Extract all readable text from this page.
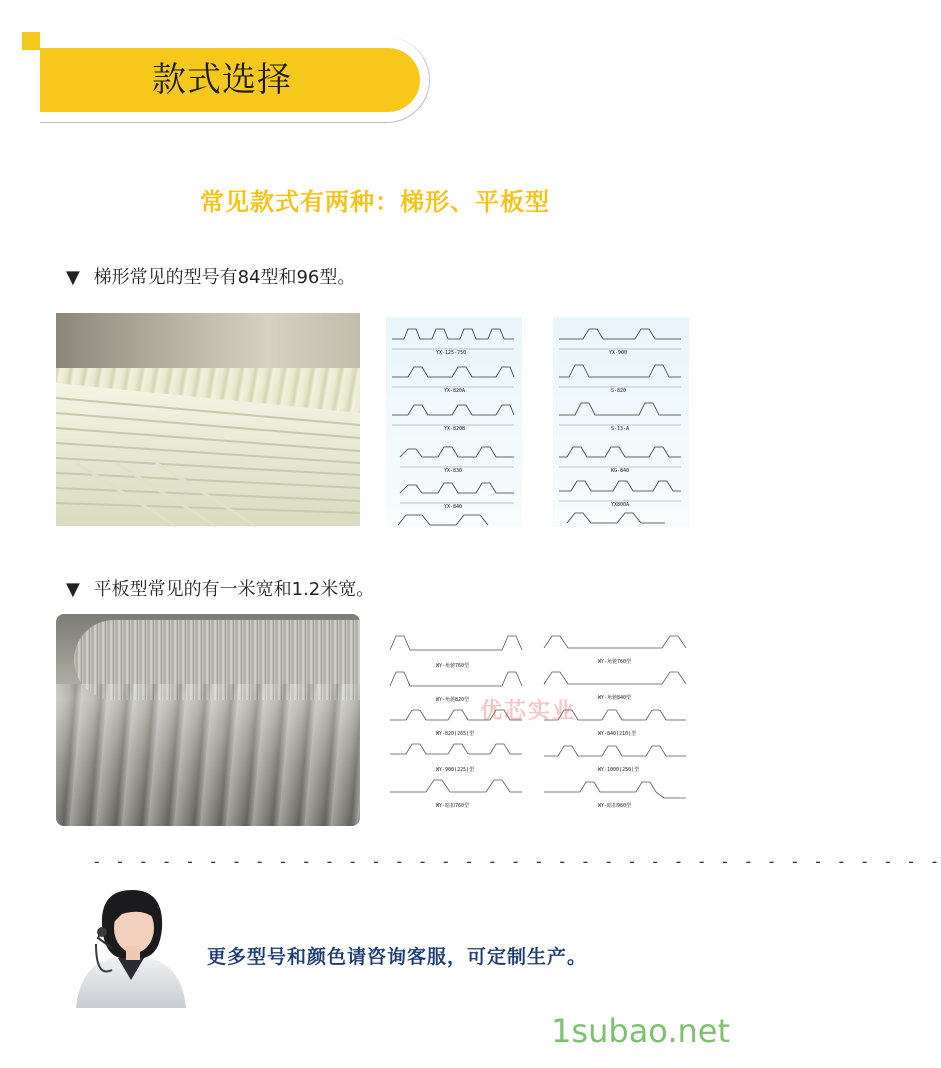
款式选择
常见款式有两种：梯形、平板型
▼ 梯形常见的型号有84型和96型。
YX-125-750
YX-820A
YX-820B
YX-830
YX-840
YX-900
S-820
S-13-A
KG-840
YX800A
▼ 平板型常见的有一米宽和1.2米宽。
WY-角驰760型
WY-角驰820型
WY-820(265)型
WY-900(225)型
WY-暗扣760型
WY-角驰760型
WY-角驰840型
WY-840(210)型
WY-1000(250)型
WY-暗扣960型
优芯实业
- - - - - - - - - - - - - - - - - - - - - - - - - - - - - - - - - - - - -
更多型号和颜色请咨询客服，可定制生产。
1subao.net
